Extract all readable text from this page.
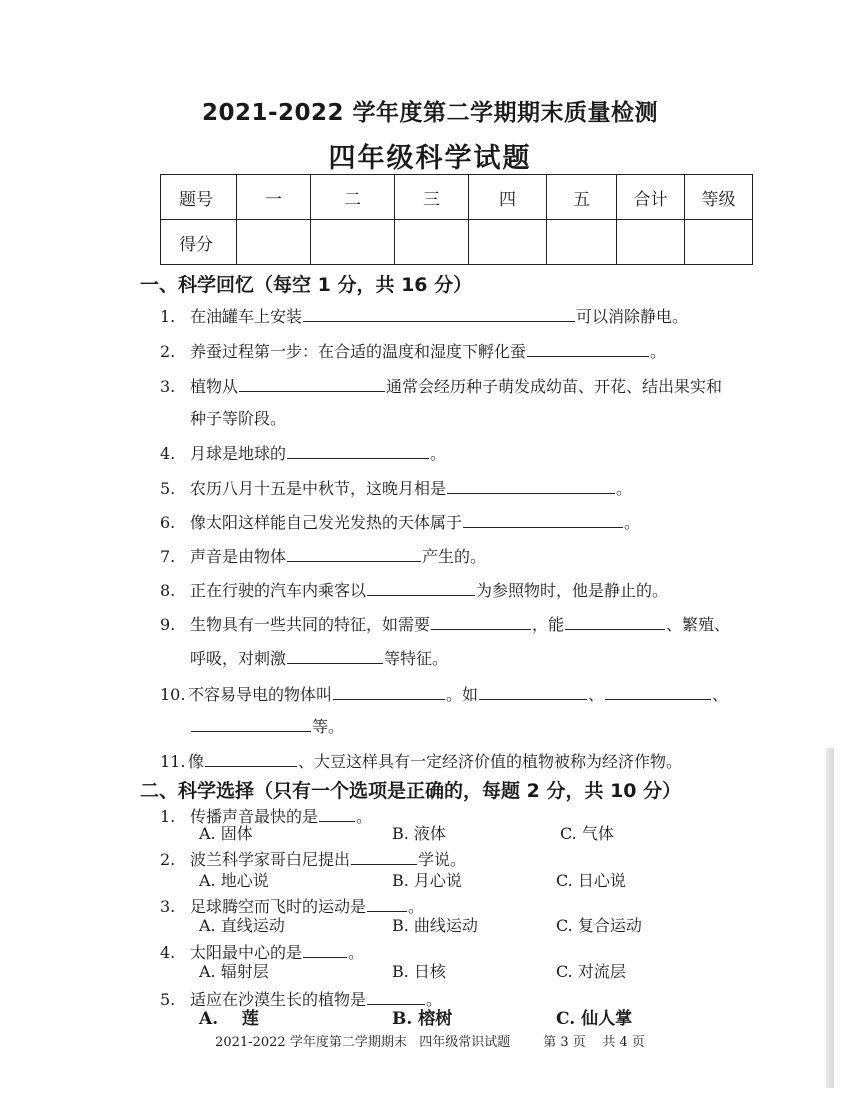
2021-2022 学年度第二学期期末质量检测
四年级科学试题
题号	一	二	三	四	五	合计	等级
得分							
一、科学回忆（每空 1 分，共 16 分）
1. 在油罐车上安装	可以消除静电。
2. 养蚕过程第一步：在合适的温度和湿度下孵化蚕	。
3. 植物从	通常会经历种子萌发成幼苗、开花、结出果实和
种子等阶段。
4. 月球是地球的	。
5. 农历八月十五是中秋节，这晚月相是	。
6. 像太阳这样能自己发光发热的天体属于	。
7. 声音是由物体	产生的。
8. 正在行驶的汽车内乘客以	为参照物时，他是静止的。
9. 生物具有一些共同的特征，如需要	，能	、繁殖、
呼吸，对刺激	等特征。
10. 不容易导电的物体叫	。如	、	、
等。
11. 像	、大豆这样具有一定经济价值的植物被称为经济作物。
二、科学选择（只有一个选项是正确的，每题 2 分，共 10 分）
1. 传播声音最快的是 。
A. 固体	B. 液体	C. 气体
2. 波兰科学家哥白尼提出	学说。
A. 地心说	B. 月心说	C. 日心说
3. 足球腾空而飞时的运动是	。
A. 直线运动	B. 曲线运动	C. 复合运动
4. 太阳最中心的是	。
A. 辐射层	B. 日核	C. 对流层
5. 适应在沙漠生长的植物是	。
A.    莲	B. 榕树	C. 仙人掌
2021-2022 学年度第二学期期末   四年级常识试题        第 3 页    共 4 页
